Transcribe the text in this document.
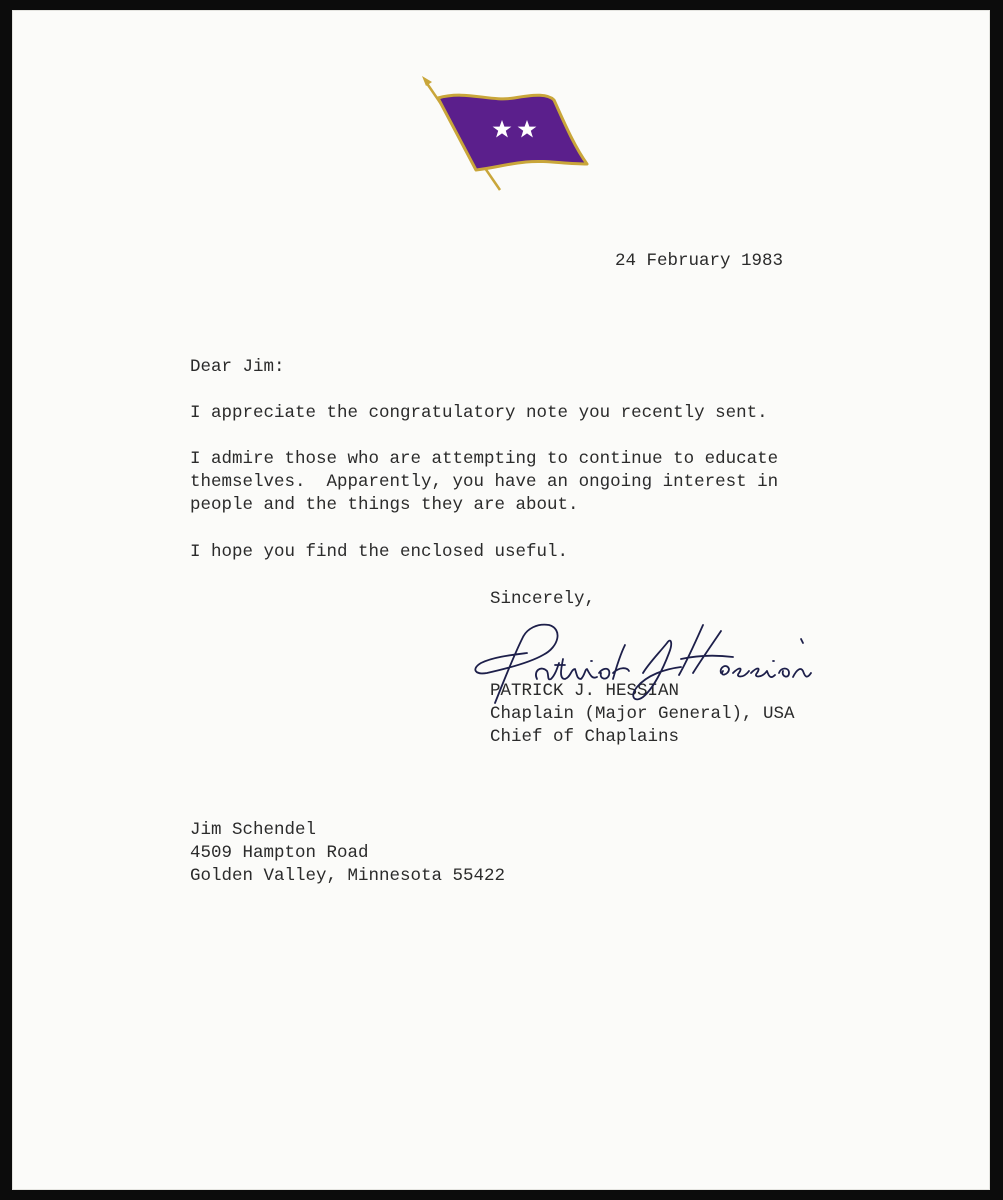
24 February 1983

Dear Jim:

I appreciate the congratulatory note you recently sent.

I admire those who are attempting to continue to educate
themselves.  Apparently, you have an ongoing interest in
people and the things they are about.

I hope you find the enclosed useful.

Sincerely,

PATRICK J. HESSIAN

Chaplain (Major General), USA

Chief of Chaplains

Jim Schendel

4509 Hampton Road

Golden Valley, Minnesota 55422
